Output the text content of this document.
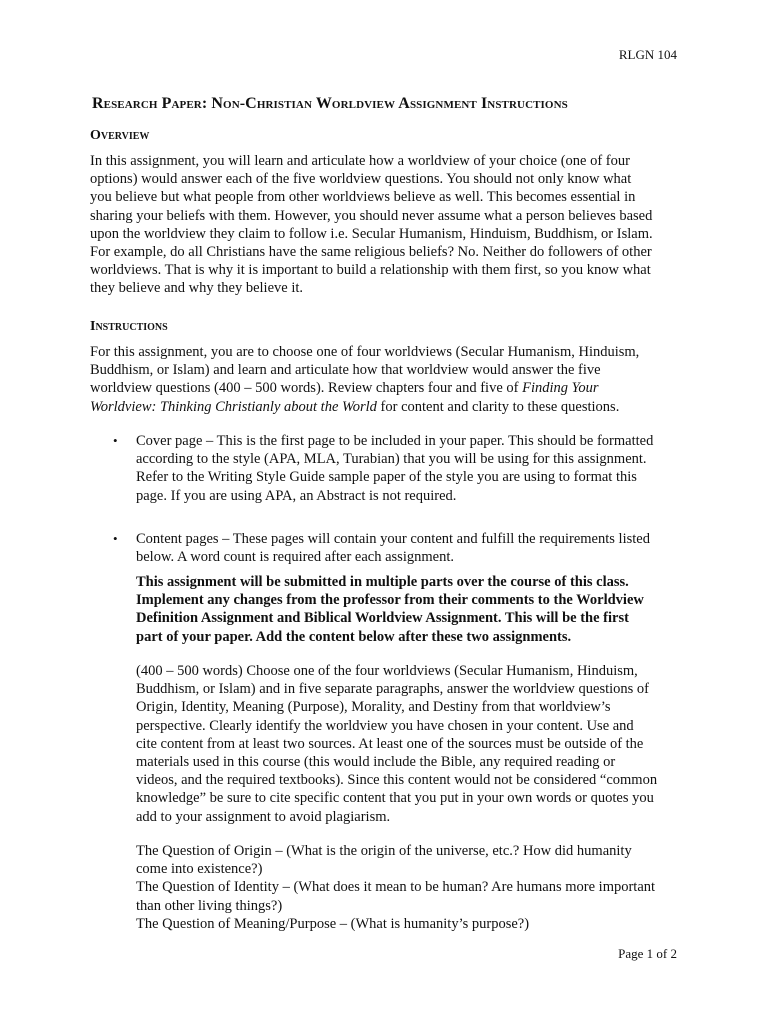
RLGN 104
Research Paper: Non-Christian Worldview Assignment Instructions
Overview
In this assignment, you will learn and articulate how a worldview of your choice (one of four
options) would answer each of the five worldview questions. You should not only know what
you believe but what people from other worldviews believe as well. This becomes essential in
sharing your beliefs with them. However, you should never assume what a person believes based
upon the worldview they claim to follow i.e. Secular Humanism, Hinduism, Buddhism, or Islam.
For example, do all Christians have the same religious beliefs? No. Neither do followers of other
worldviews. That is why it is important to build a relationship with them first, so you know what
they believe and why they believe it.
Instructions
For this assignment, you are to choose one of four worldviews (Secular Humanism, Hinduism,
Buddhism, or Islam) and learn and articulate how that worldview would answer the five
worldview questions (400 – 500 words). Review chapters four and five of Finding Your
Worldview: Thinking Christianly about the World for content and clarity to these questions.
• Cover page – This is the first page to be included in your paper. This should be formatted
according to the style (APA, MLA, Turabian) that you will be using for this assignment.
Refer to the Writing Style Guide sample paper of the style you are using to format this
page. If you are using APA, an Abstract is not required.
• Content pages – These pages will contain your content and fulfill the requirements listed
below. A word count is required after each assignment.
This assignment will be submitted in multiple parts over the course of this class.
Implement any changes from the professor from their comments to the Worldview
Definition Assignment and Biblical Worldview Assignment. This will be the first
part of your paper. Add the content below after these two assignments.
(400 – 500 words) Choose one of the four worldviews (Secular Humanism, Hinduism,
Buddhism, or Islam) and in five separate paragraphs, answer the worldview questions of
Origin, Identity, Meaning (Purpose), Morality, and Destiny from that worldview’s
perspective. Clearly identify the worldview you have chosen in your content. Use and
cite content from at least two sources. At least one of the sources must be outside of the
materials used in this course (this would include the Bible, any required reading or
videos, and the required textbooks). Since this content would not be considered “common
knowledge” be sure to cite specific content that you put in your own words or quotes you
add to your assignment to avoid plagiarism.
The Question of Origin – (What is the origin of the universe, etc.? How did humanity
come into existence?)
The Question of Identity – (What does it mean to be human? Are humans more important
than other living things?)
The Question of Meaning/Purpose – (What is humanity’s purpose?)
Page 1 of 2
